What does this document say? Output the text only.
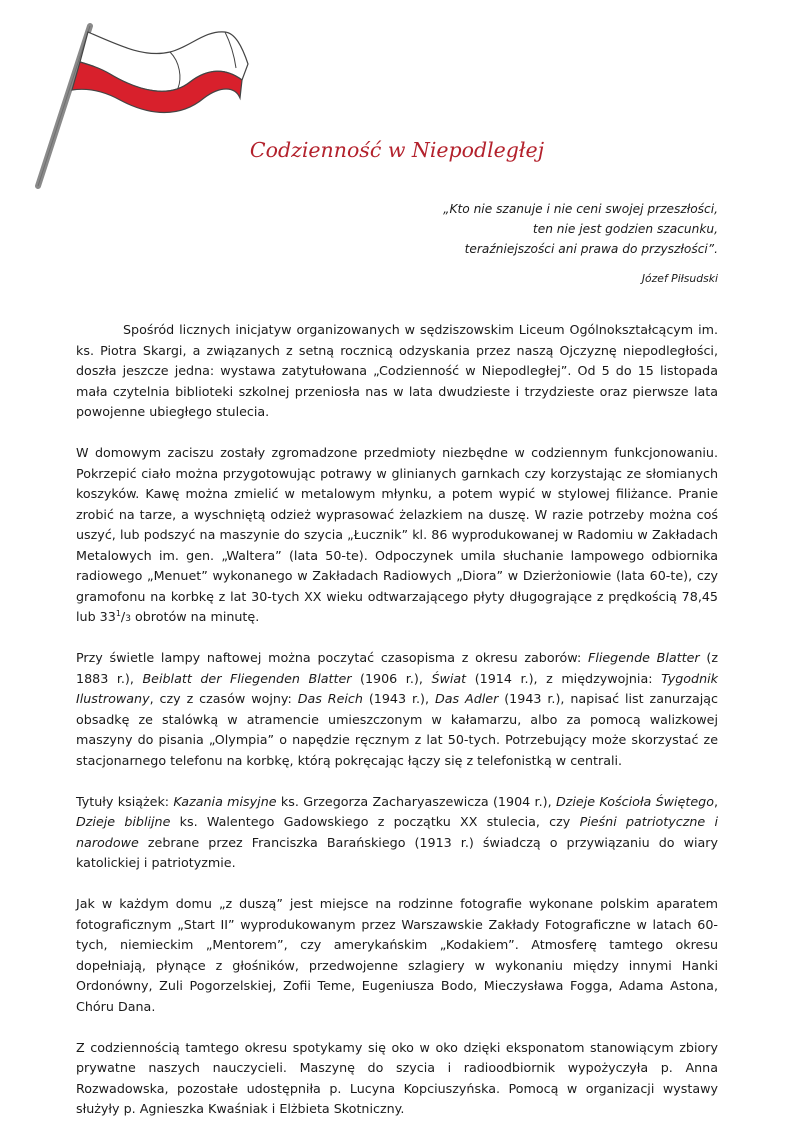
Codzienność w Niepodległej
„Kto nie szanuje i nie ceni swojej przeszłości,
ten nie jest godzien szacunku,
teraźniejszości ani prawa do przyszłości”.
Józef Piłsudski

Spośród licznych inicjatyw organizowanych w sędziszowskim Liceum Ogólnokształcącym im. ks. Piotra Skargi, a związanych z setną rocznicą odzyskania przez naszą Ojczyznę niepodległości, doszła jeszcze jedna: wystawa zatytułowana „Codzienność w Niepodległej”. Od 5 do 15 listopada mała czytelnia biblioteki szkolnej przeniosła nas w lata dwudzieste i trzydzieste oraz pierwsze lata powojenne ubiegłego stulecia.

W domowym zaciszu zostały zgromadzone przedmioty niezbędne w codziennym funkcjonowaniu. Pokrzepić ciało można przygotowując potrawy w glinianych garnkach czy korzystając ze słomianych koszyków. Kawę można zmielić w metalowym młynku, a potem wypić w stylowej filiżance. Pranie zrobić na tarze, a wyschniętą odzież wyprasować żelazkiem na duszę. W razie potrzeby można coś uszyć, lub podszyć na maszynie do szycia „Łucznik” kl. 86 wyprodukowanej w Radomiu w Zakładach Metalowych im. gen. „Waltera” (lata 50-te). Odpoczynek umila słuchanie lampowego odbiornika radiowego „Menuet” wykonanego w Zakładach Radiowych „Diora” w Dzierżoniowie (lata 60-te), czy gramofonu na korbkę z lat 30-tych XX wieku odtwarzającego płyty długogrające z prędkością 78,45 lub $33^1/3$ obrotów na minutę.

Przy świetle lampy naftowej można poczytać czasopisma z okresu zaborów: Fliegende Blatter (z 1883 r.), Beiblatt der Fliegenden Blatter (1906 r.), Świat (1914 r.), z międzywojnia: Tygodnik Ilustrowany, czy z czasów wojny: Das Reich (1943 r.), Das Adler (1943 r.), napisać list zanurzając obsadkę ze stalówką w atramencie umieszczonym w kałamarzu, albo za pomocą walizkowej maszyny do pisania „Olympia” o napędzie ręcznym z lat 50-tych. Potrzebujący może skorzystać ze stacjonarnego telefonu na korbkę, którą pokręcając łączy się z telefonistką w centrali.

Tytuły książek: Kazania misyjne ks. Grzegorza Zacharyaszewicza (1904 r.), Dzieje Kościoła Świętego, Dzieje biblijne ks. Walentego Gadowskiego z początku XX stulecia, czy Pieśni patriotyczne i narodowe zebrane przez Franciszka Barańskiego (1913 r.) świadczą o przywiązaniu do wiary katolickiej i patriotyzmie.

Jak w każdym domu „z duszą” jest miejsce na rodzinne fotografie wykonane polskim aparatem fotograficznym „Start II” wyprodukowanym przez Warszawskie Zakłady Fotograficzne w latach 60-tych, niemieckim „Mentorem”, czy amerykańskim „Kodakiem”. Atmosferę tamtego okresu dopełniają, płynące z głośników, przedwojenne szlagiery w wykonaniu między innymi Hanki Ordonówny, Zuli Pogorzelskiej, Zofii Teme, Eugeniusza Bodo, Mieczysława Fogga, Adama Astona, Chóru Dana.

Z codziennością tamtego okresu spotykamy się oko w oko dzięki eksponatom stanowiącym zbiory prywatne naszych nauczycieli. Maszynę do szycia i radioodbiornik wypożyczyła p. Anna Rozwadowska, pozostałe udostępniła p. Lucyna Kopciuszyńska. Pomocą w organizacji wystawy służyły p. Agnieszka Kwaśniak i Elżbieta Skotniczny.
